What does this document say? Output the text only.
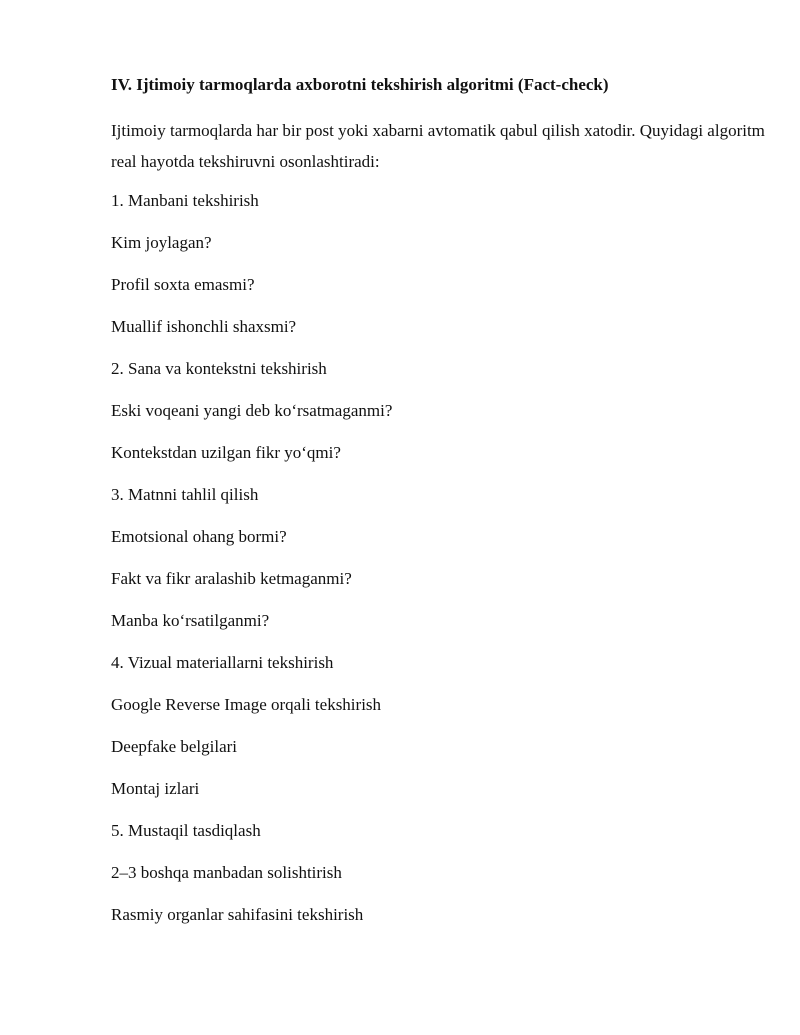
IV. Ijtimoiy tarmoqlarda axborotni tekshirish algoritmi (Fact-check)

Ijtimoiy tarmoqlarda har bir post yoki xabarni avtomatik qabul qilish xatodir. Quyidagi algoritm real hayotda tekshiruvni osonlashtiradi:

1. Manbani tekshirish

Kim joylagan?

Profil soxta emasmi?

Muallif ishonchli shaxsmi?

2. Sana va kontekstni tekshirish

Eski voqeani yangi deb koʻrsatmaganmi?

Kontekstdan uzilgan fikr yoʻqmi?

3. Matnni tahlil qilish

Emotsional ohang bormi?

Fakt va fikr aralashib ketmaganmi?

Manba koʻrsatilganmi?

4. Vizual materiallarni tekshirish

Google Reverse Image orqali tekshirish

Deepfake belgilari

Montaj izlari

5. Mustaqil tasdiqlash

2–3 boshqa manbadan solishtirish

Rasmiy organlar sahifasini tekshirish
